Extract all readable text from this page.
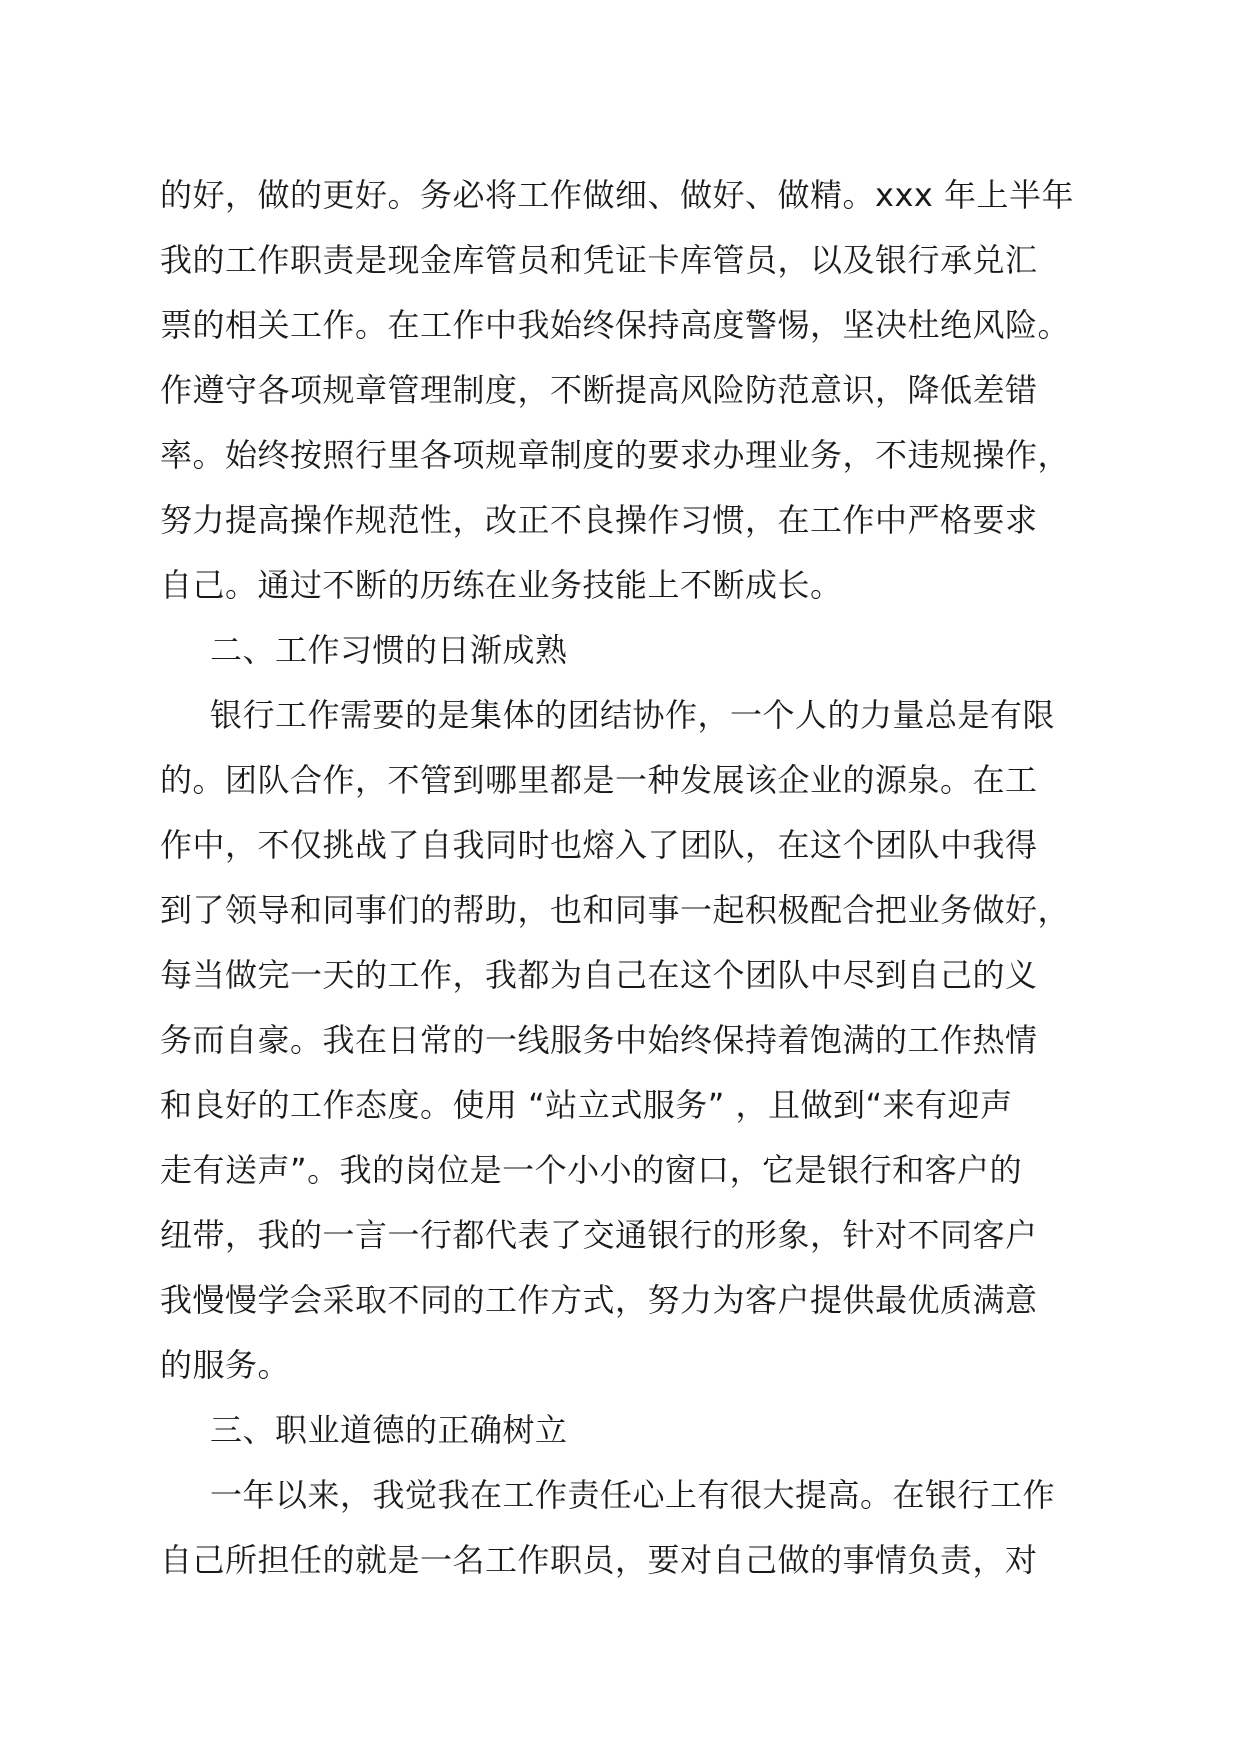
的好，做的更好。务必将工作做细、做好、做精。xxx 年上半年
我的工作职责是现金库管员和凭证卡库管员，以及银行承兑汇
票的相关工作。在工作中我始终保持高度警惕，坚决杜绝风险。
作遵守各项规章管理制度，不断提高风险防范意识，降低差错
率。始终按照行里各项规章制度的要求办理业务，不违规操作，
努力提高操作规范性，改正不良操作习惯，在工作中严格要求
自己。通过不断的历练在业务技能上不断成长。
二、工作习惯的日渐成熟
银行工作需要的是集体的团结协作，一个人的力量总是有限
的。团队合作，不管到哪里都是一种发展该企业的源泉。在工
作中，不仅挑战了自我同时也熔入了团队，在这个团队中我得
到了领导和同事们的帮助，也和同事一起积极配合把业务做好，
每当做完一天的工作，我都为自己在这个团队中尽到自己的义
务而自豪。我在日常的一线服务中始终保持着饱满的工作热情
和良好的工作态度。使用 “站立式服务” ，且做到“来有迎声
走有送声”。我的岗位是一个小小的窗口，它是银行和客户的
纽带，我的一言一行都代表了交通银行的形象，针对不同客户
我慢慢学会采取不同的工作方式，努力为客户提供最优质满意
的服务。
三、职业道德的正确树立
一年以来，我觉我在工作责任心上有很大提高。在银行工作
自己所担任的就是一名工作职员，要对自己做的事情负责，对
